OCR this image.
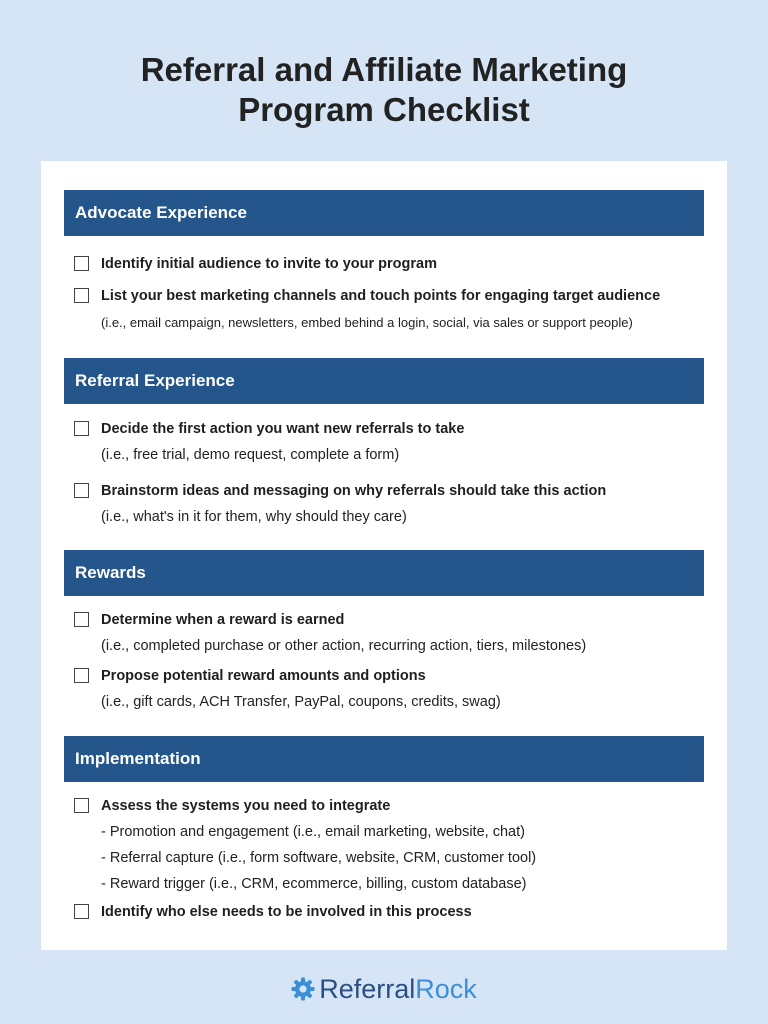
Referral and Affiliate Marketing
Program Checklist
Advocate Experience
Identify initial audience to invite to your program
List your best marketing channels and touch points for engaging target audience
(i.e., email campaign, newsletters, embed behind a login, social, via sales or support people)
Referral Experience
Decide the first action you want new referrals to take
(i.e., free trial, demo request, complete a form)
Brainstorm ideas and messaging on why referrals should take this action
(i.e., what's in it for them, why should they care)
Rewards
Determine when a reward is earned
(i.e., completed purchase or other action, recurring action, tiers, milestones)
Propose potential reward amounts and options
(i.e., gift cards, ACH Transfer, PayPal, coupons, credits, swag)
Implementation
Assess the systems you need to integrate
- Promotion and engagement (i.e., email marketing, website, chat)
- Referral capture (i.e., form software, website, CRM, customer tool)
- Reward trigger (i.e., CRM, ecommerce, billing, custom database)
Identify who else needs to be involved in this process
Referral Rock
